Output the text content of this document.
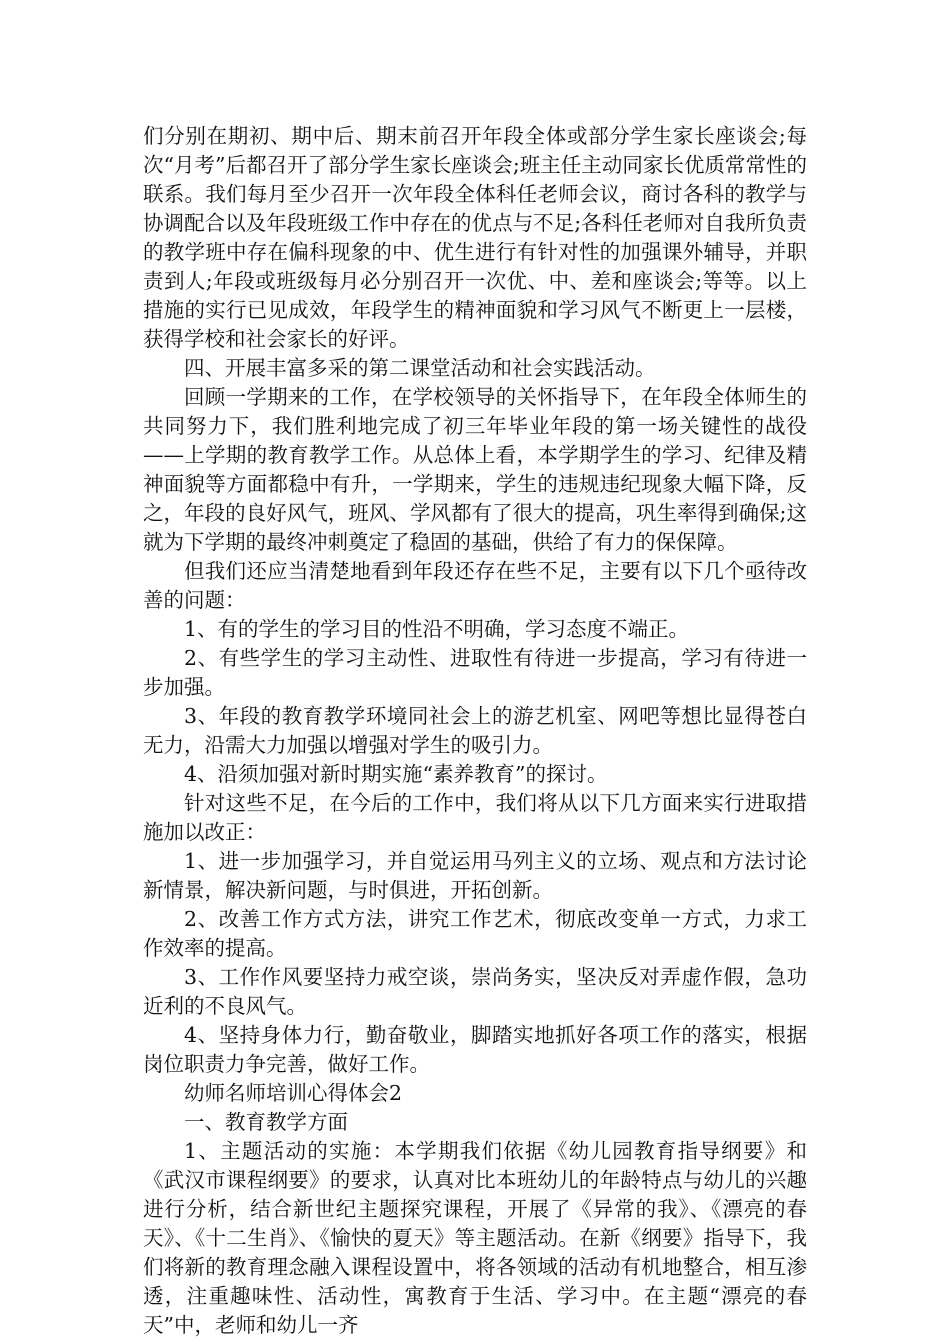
们分别在期初、期中后、期末前召开年段全体或部分学生家长座谈会;每次“月考”后都召开了部分学生家长座谈会;班主任主动同家长优质常常性的联系。我们每月至少召开一次年段全体科任老师会议，商讨各科的教学与协调配合以及年段班级工作中存在的优点与不足;各科任老师对自我所负责的教学班中存在偏科现象的中、优生进行有针对性的加强课外辅导，并职责到人;年段或班级每月必分别召开一次优、中、差和座谈会;等等。以上措施的实行已见成效，年段学生的精神面貌和学习风气不断更上一层楼，获得学校和社会家长的好评。

四、开展丰富多采的第二课堂活动和社会实践活动。

回顾一学期来的工作，在学校领导的关怀指导下，在年段全体师生的共同努力下，我们胜利地完成了初三年毕业年段的第一场关键性的战役——上学期的教育教学工作。从总体上看，本学期学生的学习、纪律及精神面貌等方面都稳中有升，一学期来，学生的违规违纪现象大幅下降，反之，年段的良好风气，班风、学风都有了很大的提高，巩生率得到确保;这就为下学期的最终冲刺奠定了稳固的基础，供给了有力的保保障。

但我们还应当清楚地看到年段还存在些不足，主要有以下几个亟待改善的问题：

1、有的学生的学习目的性沿不明确，学习态度不端正。

2、有些学生的学习主动性、进取性有待进一步提高，学习有待进一步加强。

3、年段的教育教学环境同社会上的游艺机室、网吧等想比显得苍白无力，沿需大力加强以增强对学生的吸引力。

4、沿须加强对新时期实施“素养教育”的探讨。

针对这些不足，在今后的工作中，我们将从以下几方面来实行进取措施加以改正：

1、进一步加强学习，并自觉运用马列主义的立场、观点和方法讨论新情景，解决新问题，与时俱进，开拓创新。

2、改善工作方式方法，讲究工作艺术，彻底改变单一方式，力求工作效率的提高。

3、工作作风要坚持力戒空谈，崇尚务实，坚决反对弄虚作假，急功近利的不良风气。

4、坚持身体力行，勤奋敬业，脚踏实地抓好各项工作的落实，根据岗位职责力争完善，做好工作。

幼师名师培训心得体会2

一、教育教学方面

1、主题活动的实施：本学期我们依据《幼儿园教育指导纲要》和《武汉市课程纲要》的要求，认真对比本班幼儿的年龄特点与幼儿的兴趣进行分析，结合新世纪主题探究课程，开展了《异常的我》、《漂亮的春天》、《十二生肖》、《愉快的夏天》等主题活动。在新《纲要》指导下，我们将新的教育理念融入课程设置中，将各领域的活动有机地整合，相互渗透，注重趣味性、活动性，寓教育于生活、学习中。在主题“漂亮的春天”中，老师和幼儿一齐
